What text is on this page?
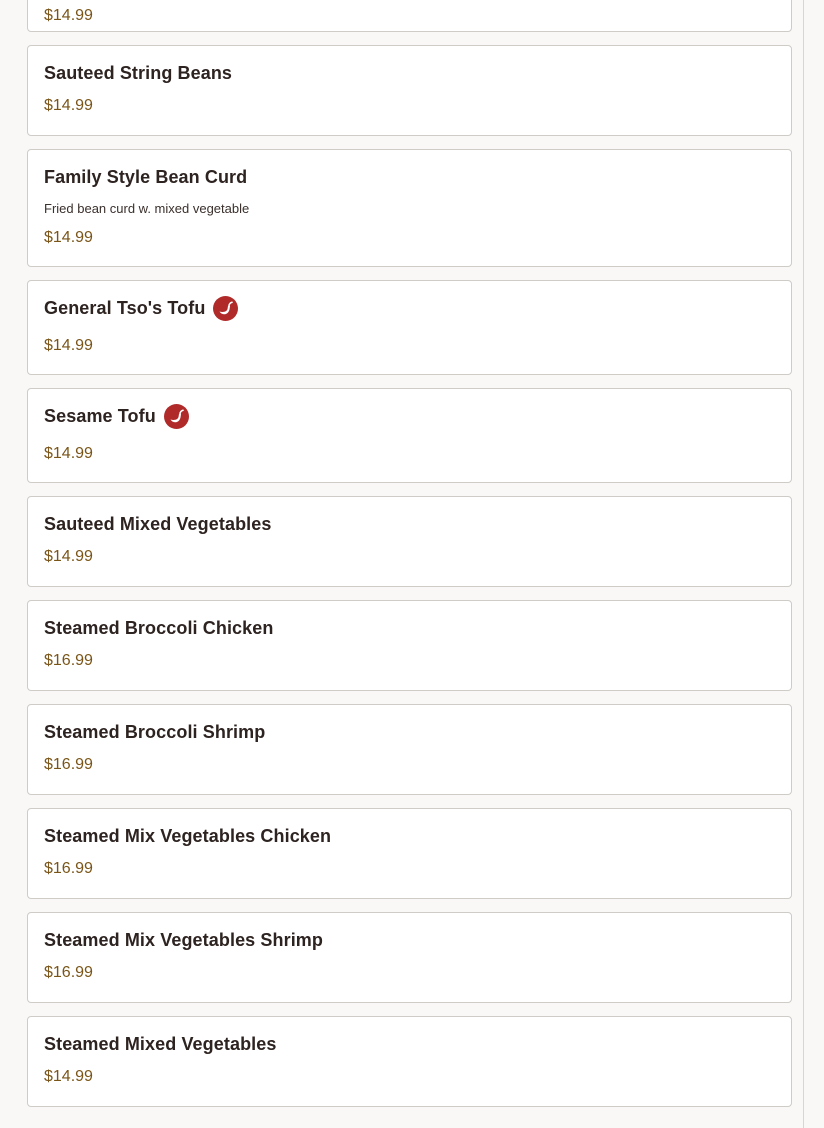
$14.99
Sauteed String Beans
$14.99
Family Style Bean Curd
Fried bean curd w. mixed vegetable
$14.99
General Tso's Tofu
$14.99
Sesame Tofu
$14.99
Sauteed Mixed Vegetables
$14.99
Steamed Broccoli Chicken
$16.99
Steamed Broccoli Shrimp
$16.99
Steamed Mix Vegetables Chicken
$16.99
Steamed Mix Vegetables Shrimp
$16.99
Steamed Mixed Vegetables
$14.99
